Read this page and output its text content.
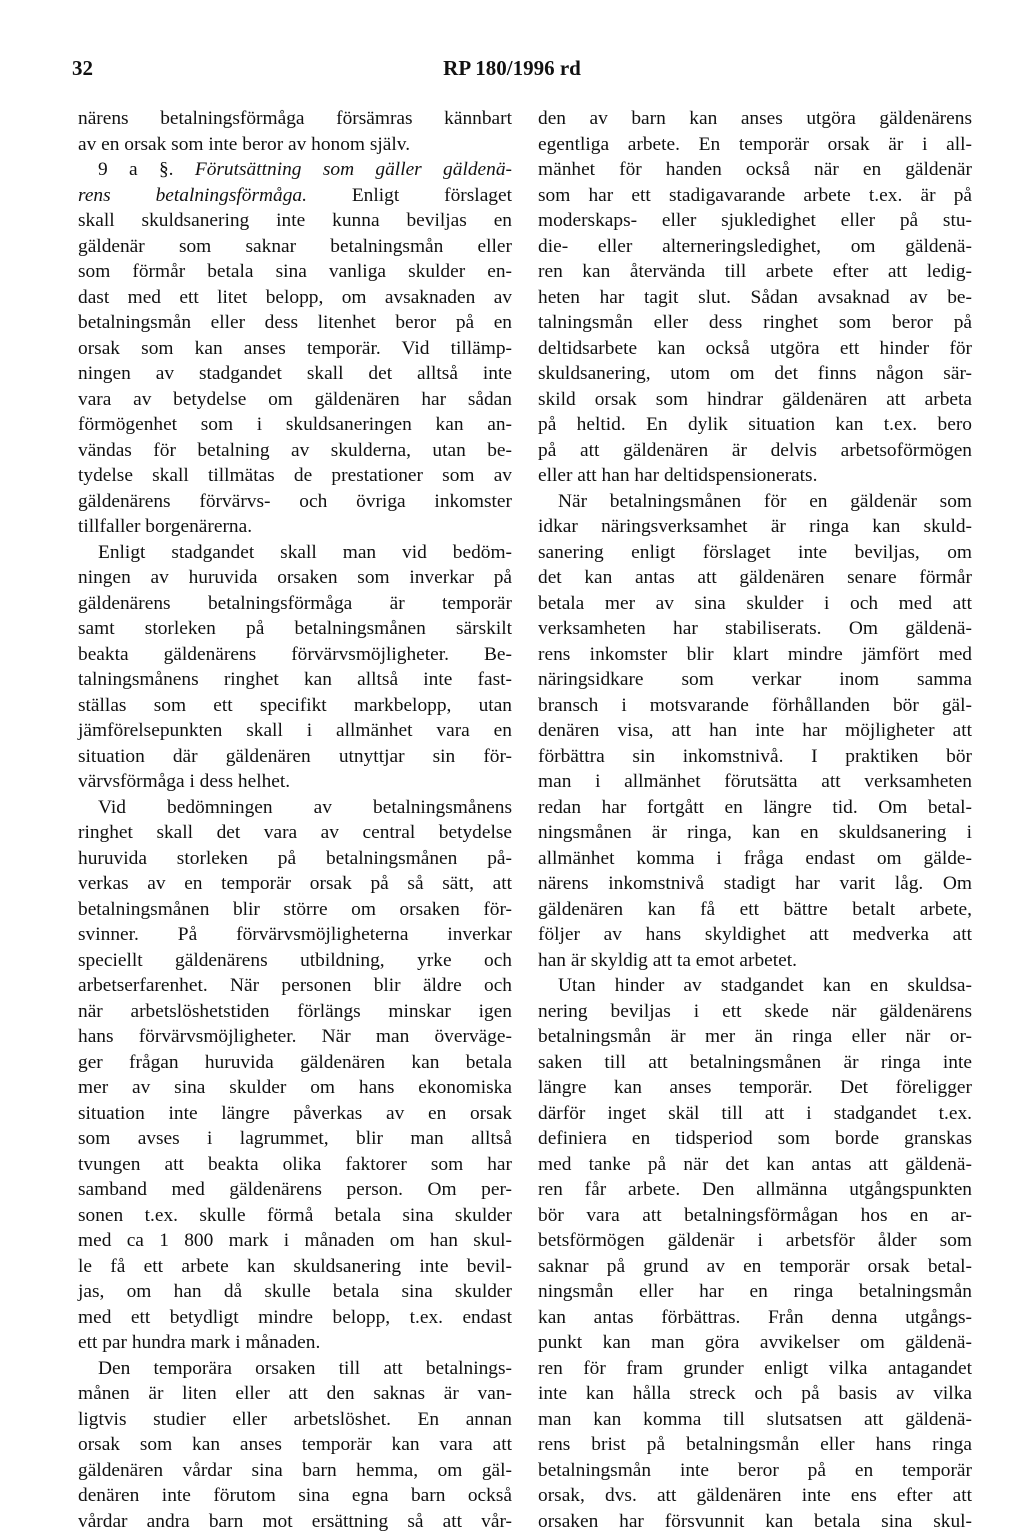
32	RP 180/1996 rd
närens betalningsförmåga försämras kännbart
av en orsak som inte beror av honom själv.
9 a §. Förutsättning som gäller gäldenä-
rens betalningsförmåga. Enligt förslaget
skall skuldsanering inte kunna beviljas en
gäldenär som saknar betalningsmån eller
som förmår betala sina vanliga skulder en-
dast med ett litet belopp, om avsaknaden av
betalningsmån eller dess litenhet beror på en
orsak som kan anses temporär. Vid tillämp-
ningen av stadgandet skall det alltså inte
vara av betydelse om gäldenären har sådan
förmögenhet som i skuldsaneringen kan an-
vändas för betalning av skulderna, utan be-
tydelse skall tillmätas de prestationer som av
gäldenärens förvärvs- och övriga inkomster
tillfaller borgenärerna.
Enligt stadgandet skall man vid bedöm-
ningen av huruvida orsaken som inverkar på
gäldenärens betalningsförmåga är temporär
samt storleken på betalningsmånen särskilt
beakta gäldenärens förvärvsmöjligheter. Be-
talningsmånens ringhet kan alltså inte fast-
ställas som ett specifikt markbelopp, utan
jämförelsepunkten skall i allmänhet vara en
situation där gäldenären utnyttjar sin för-
värvsförmåga i dess helhet.
Vid bedömningen av betalningsmånens
ringhet skall det vara av central betydelse
huruvida storleken på betalningsmånen på-
verkas av en temporär orsak på så sätt, att
betalningsmånen blir större om orsaken för-
svinner. På förvärvsmöjligheterna inverkar
speciellt gäldenärens utbildning, yrke och
arbetserfarenhet. När personen blir äldre och
när arbetslöshetstiden förlängs minskar igen
hans förvärvsmöjligheter. När man överväge-
ger frågan huruvida gäldenären kan betala
mer av sina skulder om hans ekonomiska
situation inte längre påverkas av en orsak
som avses i lagrummet, blir man alltså
tvungen att beakta olika faktorer som har
samband med gäldenärens person. Om per-
sonen t.ex. skulle förmå betala sina skulder
med ca 1 800 mark i månaden om han skul-
le få ett arbete kan skuldsanering inte bevil-
jas, om han då skulle betala sina skulder
med ett betydligt mindre belopp, t.ex. endast
ett par hundra mark i månaden.
Den temporära orsaken till att betalnings-
månen är liten eller att den saknas är van-
ligtvis studier eller arbetslöshet. En annan
orsak som kan anses temporär kan vara att
gäldenären vårdar sina barn hemma, om gäl-
denären inte förutom sina egna barn också
vårdar andra barn mot ersättning så att vår-
den av barn kan anses utgöra gäldenärens
egentliga arbete. En temporär orsak är i all-
mänhet för handen också när en gäldenär
som har ett stadigavarande arbete t.ex. är på
moderskaps- eller sjukledighet eller på stu-
die- eller alterneringsledighet, om gäldenä-
ren kan återvända till arbete efter att ledig-
heten har tagit slut. Sådan avsaknad av be-
talningsmån eller dess ringhet som beror på
deltidsarbete kan också utgöra ett hinder för
skuldsanering, utom om det finns någon sär-
skild orsak som hindrar gäldenären att arbeta
på heltid. En dylik situation kan t.ex. bero
på att gäldenären är delvis arbetsoförmögen
eller att han har deltidspensionerats.
När betalningsmånen för en gäldenär som
idkar näringsverksamhet är ringa kan skuld-
sanering enligt förslaget inte beviljas, om
det kan antas att gäldenären senare förmår
betala mer av sina skulder i och med att
verksamheten har stabiliserats. Om gäldenä-
rens inkomster blir klart mindre jämfört med
näringsidkare som verkar inom samma
bransch i motsvarande förhållanden bör gäl-
denären visa, att han inte har möjligheter att
förbättra sin inkomstnivå. I praktiken bör
man i allmänhet förutsätta att verksamheten
redan har fortgått en längre tid. Om betal-
ningsmånen är ringa, kan en skuldsanering i
allmänhet komma i fråga endast om gälde-
närens inkomstnivå stadigt har varit låg. Om
gäldenären kan få ett bättre betalt arbete,
följer av hans skyldighet att medverka att
han är skyldig att ta emot arbetet.
Utan hinder av stadgandet kan en skuldsa-
nering beviljas i ett skede när gäldenärens
betalningsmån är mer än ringa eller när or-
saken till att betalningsmånen är ringa inte
längre kan anses temporär. Det föreligger
därför inget skäl till att i stadgandet t.ex.
definiera en tidsperiod som borde granskas
med tanke på när det kan antas att gäldenä-
ren får arbete. Den allmänna utgångspunkten
bör vara att betalningsförmågan hos en ar-
betsförmögen gäldenär i arbetsför ålder som
saknar på grund av en temporär orsak betal-
ningsmån eller har en ringa betalningsmån
kan antas förbättras. Från denna utgångs-
punkt kan man göra avvikelser om gäldenä-
ren för fram grunder enligt vilka antagandet
inte kan hålla streck och på basis av vilka
man kan komma till slutsatsen att gäldenä-
rens brist på betalningsmån eller hans ringa
betalningsmån inte beror på en temporär
orsak, dvs. att gäldenären inte ens efter att
orsaken har försvunnit kan betala sina skul-
